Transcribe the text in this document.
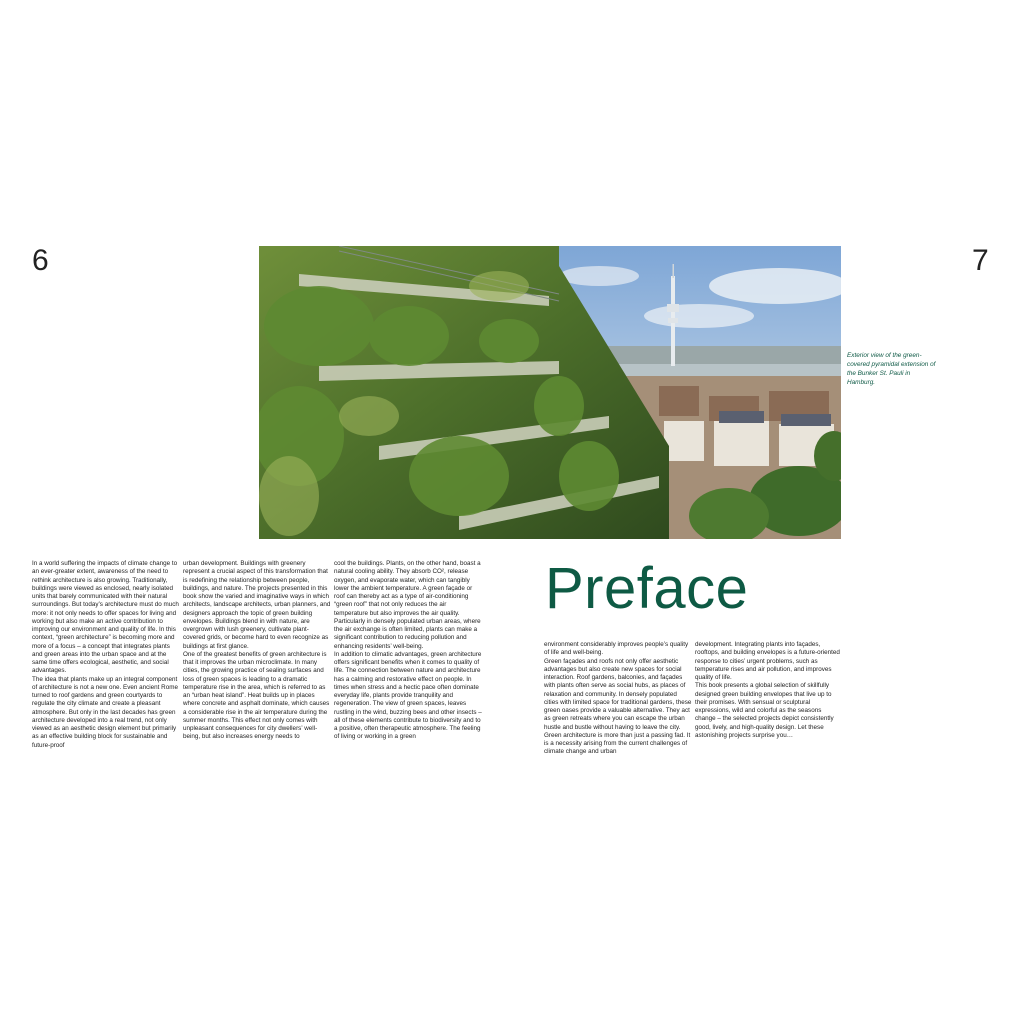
6	7
Exterior view of the green-covered pyramidal extension of the Bunker St. Pauli in Hamburg.
Preface

In a world suffering the impacts of climate change to an ever-greater extent, awareness of the need to rethink architecture is also growing. Traditionally, buildings were viewed as enclosed, nearly isolated units that barely communicated with their natural surroundings. But today’s architecture must do much more: it not only needs to offer spaces for living and working but also make an active contribution to improving our environment and quality of life. In this context, “green architecture” is becoming more and more of a focus – a concept that integrates plants and green areas into the urban space and at the same time offers ecological, aesthetic, and social advantages.

The idea that plants make up an integral component of architecture is not a new one. Even ancient Rome turned to roof gardens and green courtyards to regulate the city climate and create a pleasant atmosphere. But only in the last decades has green architecture developed into a real trend, not only viewed as an aesthetic design element but primarily as an effective building block for sustainable and future-proof

urban development. Buildings with greenery represent a crucial aspect of this transformation that is redefining the relationship between people, buildings, and nature. The projects presented in this book show the varied and imaginative ways in which architects, landscape architects, urban planners, and designers approach the topic of green building envelopes. Buildings blend in with nature, are overgrown with lush greenery, cultivate plant-covered grids, or become hard to even recognize as buildings at first glance.

One of the greatest benefits of green architecture is that it improves the urban microclimate. In many cities, the growing practice of sealing surfaces and loss of green spaces is leading to a dramatic temperature rise in the area, which is referred to as an “urban heat island”. Heat builds up in places where concrete and asphalt dominate, which causes a considerable rise in the air temperature during the summer months. This effect not only comes with unpleasant consequences for city dwellers’ well-being, but also increases energy needs to

cool the buildings. Plants, on the other hand, boast a natural cooling ability. They absorb CO², release oxygen, and evaporate water, which can tangibly lower the ambient temperature. A green façade or roof can thereby act as a type of air-conditioning “green roof” that not only reduces the air temperature but also improves the air quality. Particularly in densely populated urban areas, where the air exchange is often limited, plants can make a significant contribution to reducing pollution and enhancing residents’ well-being.

In addition to climatic advantages, green architecture offers significant benefits when it comes to quality of life. The connection between nature and architecture has a calming and restorative effect on people. In times when stress and a hectic pace often dominate everyday life, plants provide tranquility and regeneration. The view of green spaces, leaves rustling in the wind, buzzing bees and other insects – all of these elements contribute to biodiversity and to a positive, often therapeutic atmosphere. The feeling of living or working in a green

environment considerably improves people’s quality of life and well-being.

Green façades and roofs not only offer aesthetic advantages but also create new spaces for social interaction. Roof gardens, balconies, and façades with plants often serve as social hubs, as places of relaxation and community. In densely populated cities with limited space for traditional gardens, these green oases provide a valuable alternative. They act as green retreats where you can escape the urban hustle and bustle without having to leave the city.

Green architecture is more than just a passing fad. It is a necessity arising from the current challenges of climate change and urban

development. Integrating plants into façades, rooftops, and building envelopes is a future-oriented response to cities’ urgent problems, such as temperature rises and air pollution, and improves quality of life.

This book presents a global selection of skillfully designed green building envelopes that live up to their promises. With sensual or sculptural expressions, wild and colorful as the seasons change – the selected projects depict consistently good, lively, and high-quality design. Let these astonishing projects surprise you…
